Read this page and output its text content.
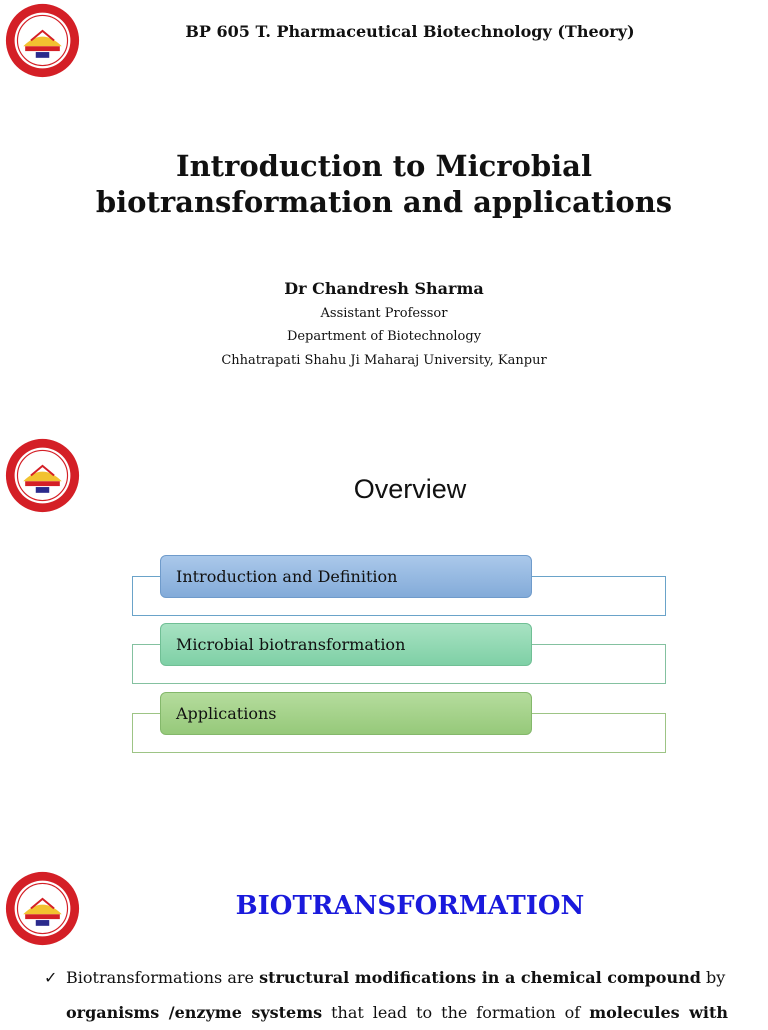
BP 605 T. Pharmaceutical Biotechnology (Theory)
Introduction to Microbial
biotransformation and applications
Dr Chandresh Sharma
Assistant Professor
Department of Biotechnology
Chhatrapati Shahu Ji Maharaj University, Kanpur
Overview
Introduction and Definition
Microbial biotransformation
Applications
BIOTRANSFORMATION
✓ Biotransformations are structural modifications in a chemical compound by
organisms /enzyme systems that lead to the formation of molecules with
